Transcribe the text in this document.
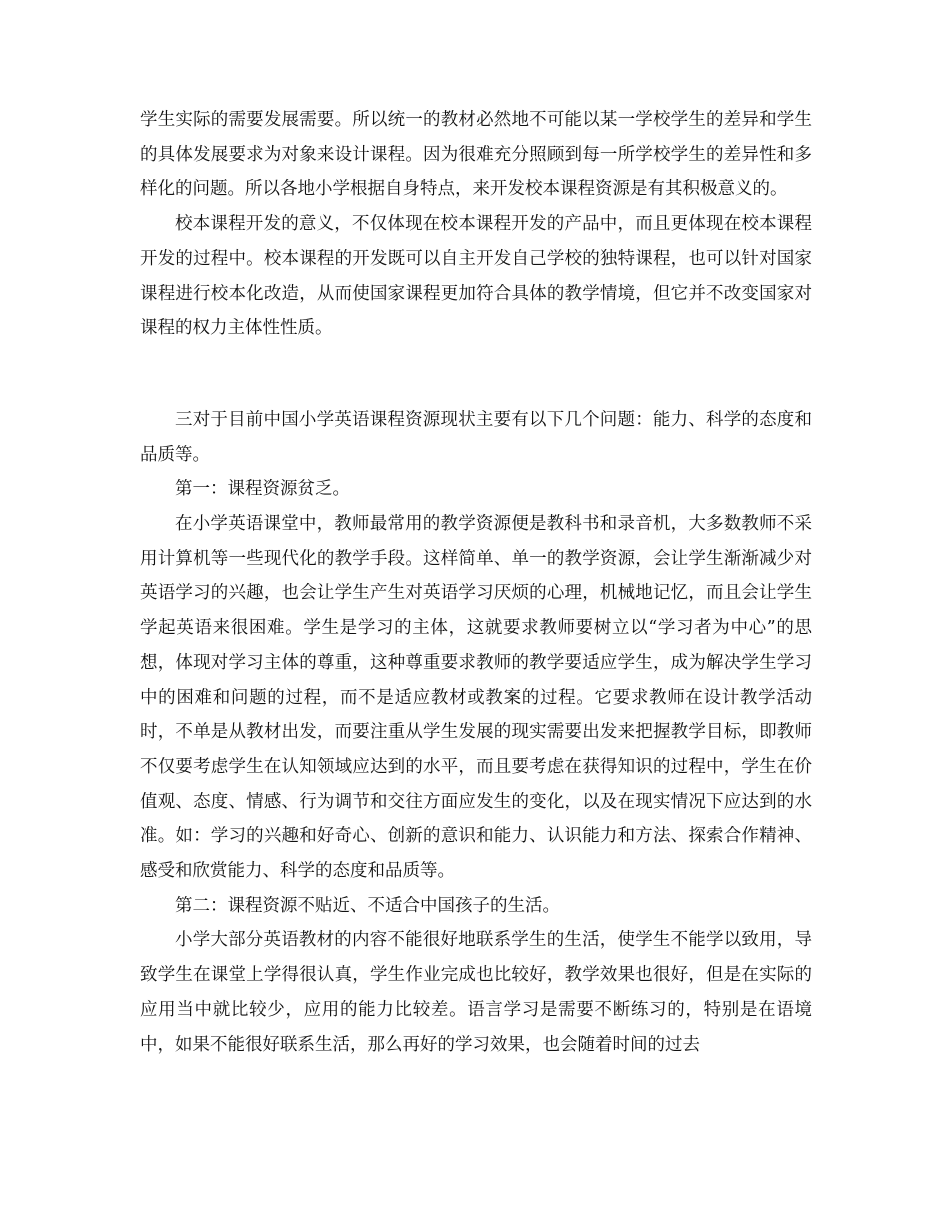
学生实际的需要发展需要。所以统一的教材必然地不可能以某一学校学生的差异和学生的具体发展要求为对象来设计课程。因为很难充分照顾到每一所学校学生的差异性和多样化的问题。所以各地小学根据自身特点，来开发校本课程资源是有其积极意义的。

校本课程开发的意义，不仅体现在校本课程开发的产品中，而且更体现在校本课程开发的过程中。校本课程的开发既可以自主开发自己学校的独特课程，也可以针对国家课程进行校本化改造，从而使国家课程更加符合具体的教学情境，但它并不改变国家对课程的权力主体性性质。

三对于目前中国小学英语课程资源现状主要有以下几个问题：能力、科学的态度和品质等。

第一：课程资源贫乏。

在小学英语课堂中，教师最常用的教学资源便是教科书和录音机，大多数教师不采用计算机等一些现代化的教学手段。这样简单、单一的教学资源，会让学生渐渐减少对英语学习的兴趣，也会让学生产生对英语学习厌烦的心理，机械地记忆，而且会让学生学起英语来很困难。学生是学习的主体，这就要求教师要树立以“学习者为中心”的思想，体现对学习主体的尊重，这种尊重要求教师的教学要适应学生，成为解决学生学习中的困难和问题的过程，而不是适应教材或教案的过程。它要求教师在设计教学活动时，不单是从教材出发，而要注重从学生发展的现实需要出发来把握教学目标，即教师不仅要考虑学生在认知领域应达到的水平，而且要考虑在获得知识的过程中，学生在价值观、态度、情感、行为调节和交往方面应发生的变化，以及在现实情况下应达到的水准。如：学习的兴趣和好奇心、创新的意识和能力、认识能力和方法、探索合作精神、感受和欣赏能力、科学的态度和品质等。

第二：课程资源不贴近、不适合中国孩子的生活。

小学大部分英语教材的内容不能很好地联系学生的生活，使学生不能学以致用，导致学生在课堂上学得很认真，学生作业完成也比较好，教学效果也很好，但是在实际的应用当中就比较少，应用的能力比较差。语言学习是需要不断练习的，特别是在语境中，如果不能很好联系生活，那么再好的学习效果，也会随着时间的过去
